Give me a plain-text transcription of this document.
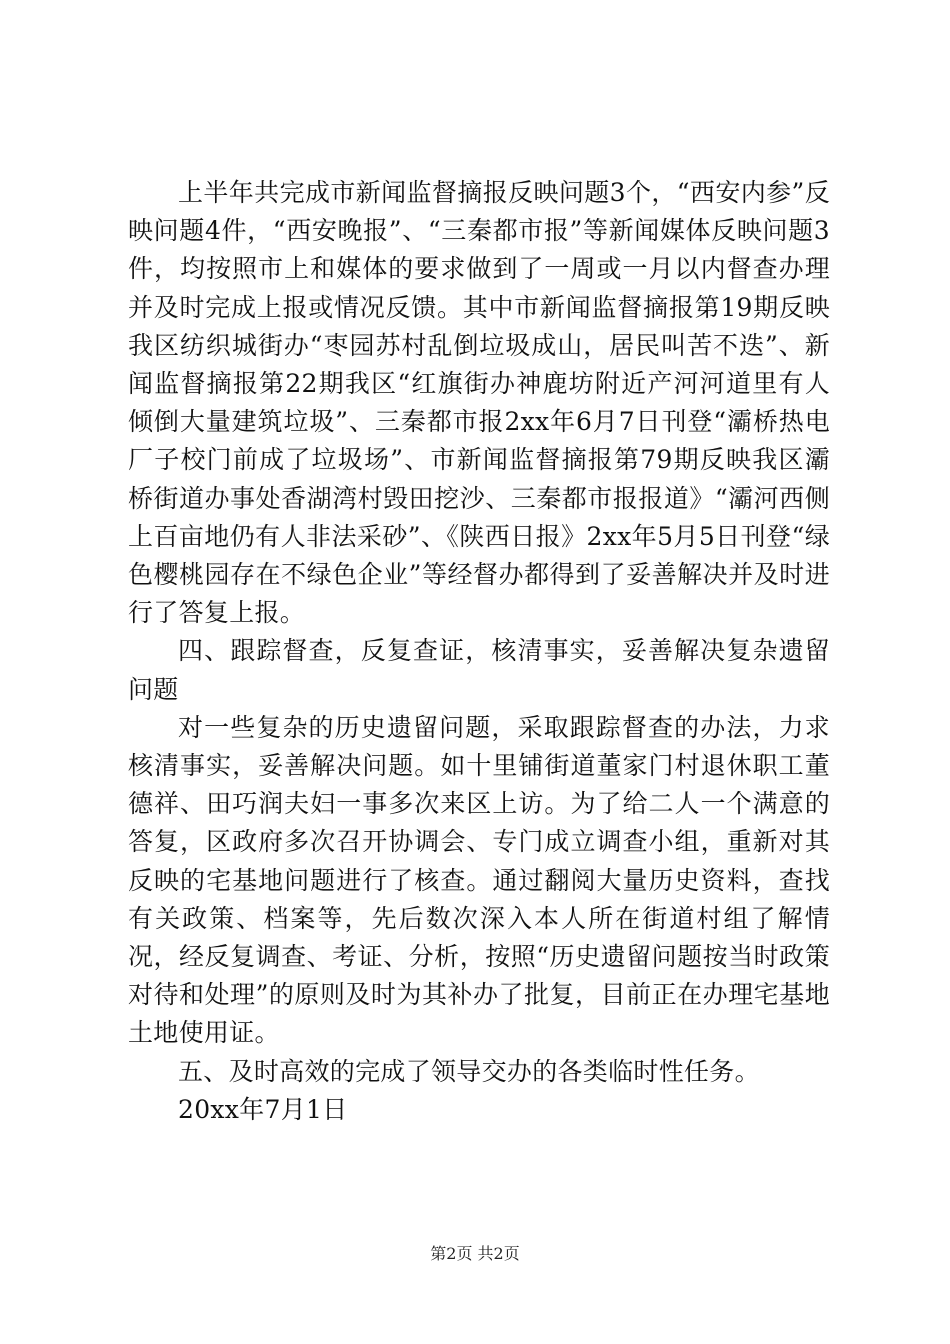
上半年共完成市新闻监督摘报反映问题3个，“西安内参”反映问题4件，“西安晚报”、“三秦都市报”等新闻媒体反映问题3件，均按照市上和媒体的要求做到了一周或一月以内督查办理并及时完成上报或情况反馈。其中市新闻监督摘报第19期反映我区纺织城街办“枣园苏村乱倒垃圾成山，居民叫苦不迭”、新闻监督摘报第22期我区“红旗街办神鹿坊附近产河河道里有人倾倒大量建筑垃圾”、三秦都市报2xx年6月7日刊登“灞桥热电厂子校门前成了垃圾场”、市新闻监督摘报第79期反映我区灞桥街道办事处香湖湾村毁田挖沙、三秦都市报报道》“灞河西侧上百亩地仍有人非法采砂”、《陕西日报》2xx年5月5日刊登“绿色樱桃园存在不绿色企业”等经督办都得到了妥善解决并及时进行了答复上报。

四、跟踪督查，反复查证，核清事实，妥善解决复杂遗留问题

对一些复杂的历史遗留问题，采取跟踪督查的办法，力求核清事实，妥善解决问题。如十里铺街道董家门村退休职工董德祥、田巧润夫妇一事多次来区上访。为了给二人一个满意的答复，区政府多次召开协调会、专门成立调查小组，重新对其反映的宅基地问题进行了核查。通过翻阅大量历史资料，查找有关政策、档案等，先后数次深入本人所在街道村组了解情况，经反复调查、考证、分析，按照“历史遗留问题按当时政策对待和处理”的原则及时为其补办了批复，目前正在办理宅基地土地使用证。

五、及时高效的完成了领导交办的各类临时性任务。

20xx年7月1日

第2页 共2页
